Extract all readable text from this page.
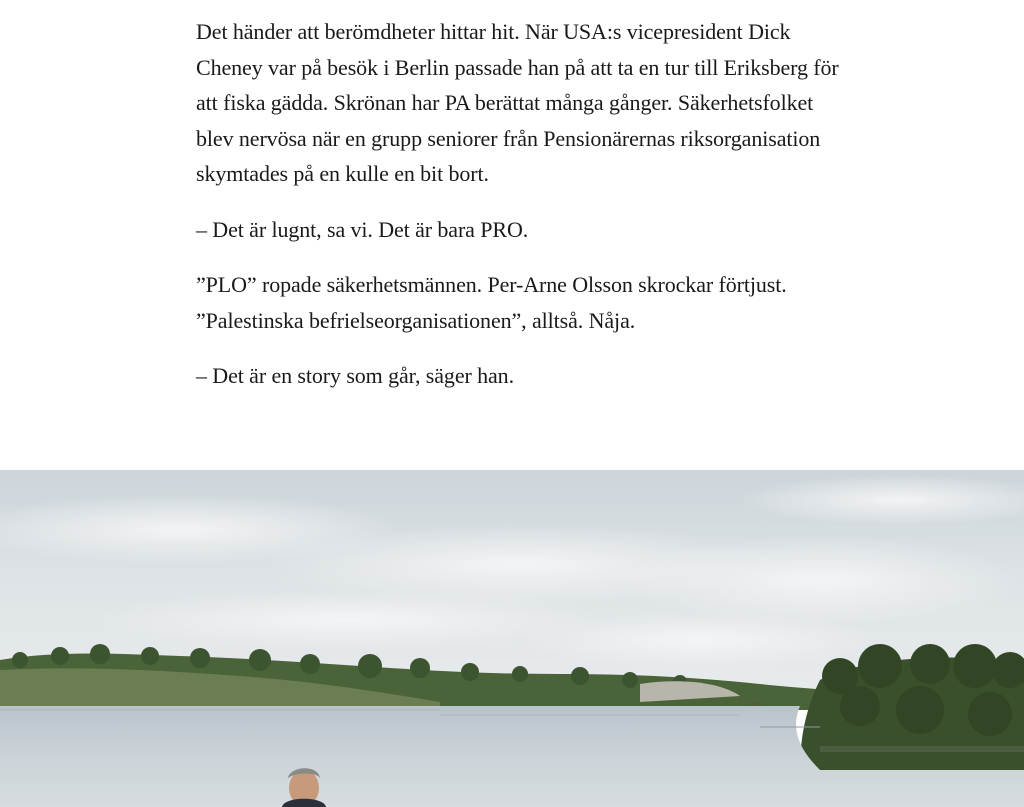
Det händer att berömdheter hittar hit. När USA:s vicepresident Dick Cheney var på besök i Berlin passade han på att ta en tur till Eriksberg för att fiska gädda. Skrönan har PA berättat många gånger. Säkerhetsfolket blev nervösa när en grupp seniorer från Pensionärernas riksorganisation skymtades på en kulle en bit bort.

– Det är lugnt, sa vi. Det är bara PRO.

”PLO” ropade säkerhetsmännen. Per-Arne Olsson skrockar förtjust. ”Palestinska befrielseorganisationen”, alltså. Nåja.

– Det är en story som går, säger han.
